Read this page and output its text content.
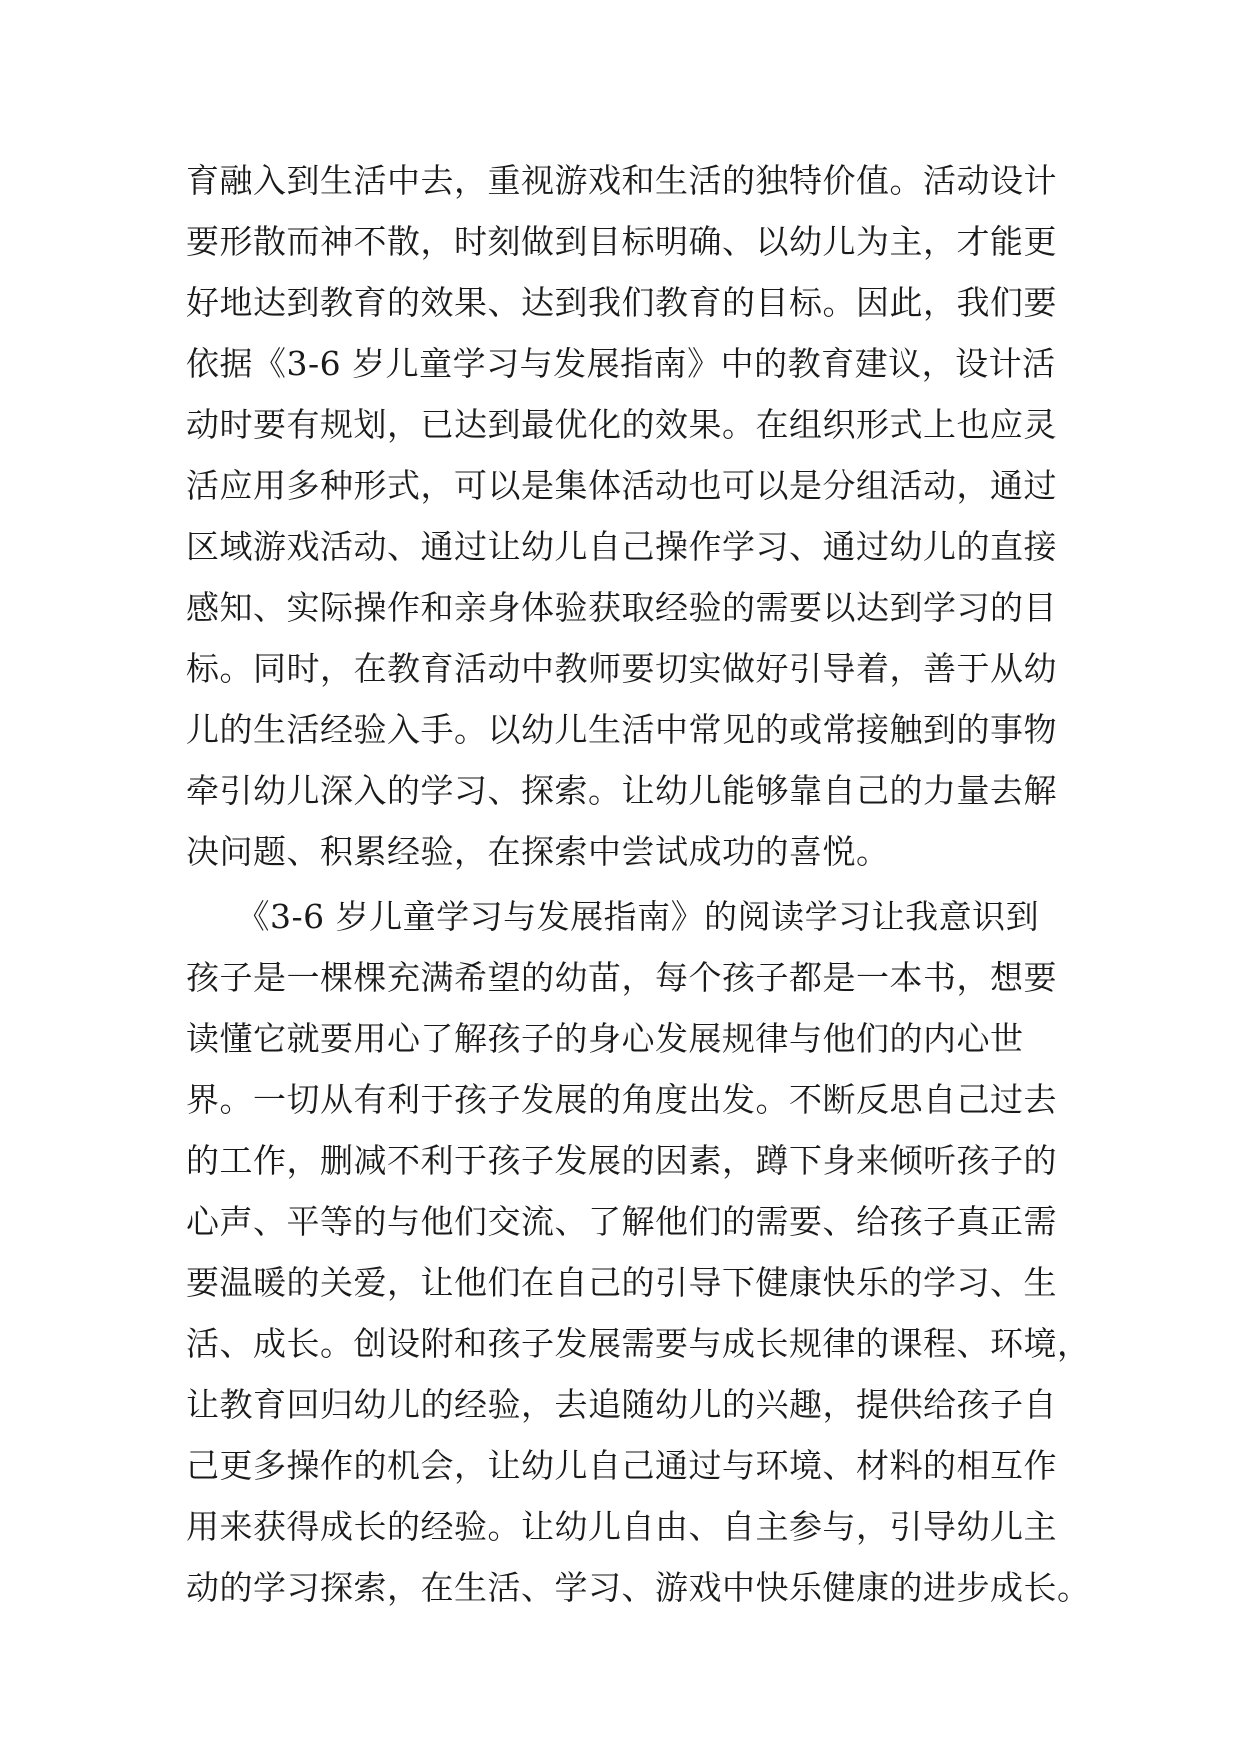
育融入到生活中去，重视游戏和生活的独特价值。活动设计
要形散而神不散，时刻做到目标明确、以幼儿为主，才能更
好地达到教育的效果、达到我们教育的目标。因此，我们要
依据《3-6 岁儿童学习与发展指南》中的教育建议，设计活
动时要有规划，已达到最优化的效果。在组织形式上也应灵
活应用多种形式，可以是集体活动也可以是分组活动，通过
区域游戏活动、通过让幼儿自己操作学习、通过幼儿的直接
感知、实际操作和亲身体验获取经验的需要以达到学习的目
标。同时，在教育活动中教师要切实做好引导着，善于从幼
儿的生活经验入手。以幼儿生活中常见的或常接触到的事物
牵引幼儿深入的学习、探索。让幼儿能够靠自己的力量去解
决问题、积累经验，在探索中尝试成功的喜悦。
　　《3-6 岁儿童学习与发展指南》的阅读学习让我意识到
孩子是一棵棵充满希望的幼苗，每个孩子都是一本书，想要
读懂它就要用心了解孩子的身心发展规律与他们的内心世
界。一切从有利于孩子发展的角度出发。不断反思自己过去
的工作，删减不利于孩子发展的因素，蹲下身来倾听孩子的
心声、平等的与他们交流、了解他们的需要、给孩子真正需
要温暖的关爱，让他们在自己的引导下健康快乐的学习、生
活、成长。创设附和孩子发展需要与成长规律的课程、环境，
让教育回归幼儿的经验，去追随幼儿的兴趣，提供给孩子自
己更多操作的机会，让幼儿自己通过与环境、材料的相互作
用来获得成长的经验。让幼儿自由、自主参与，引导幼儿主
动的学习探索，在生活、学习、游戏中快乐健康的进步成长。
